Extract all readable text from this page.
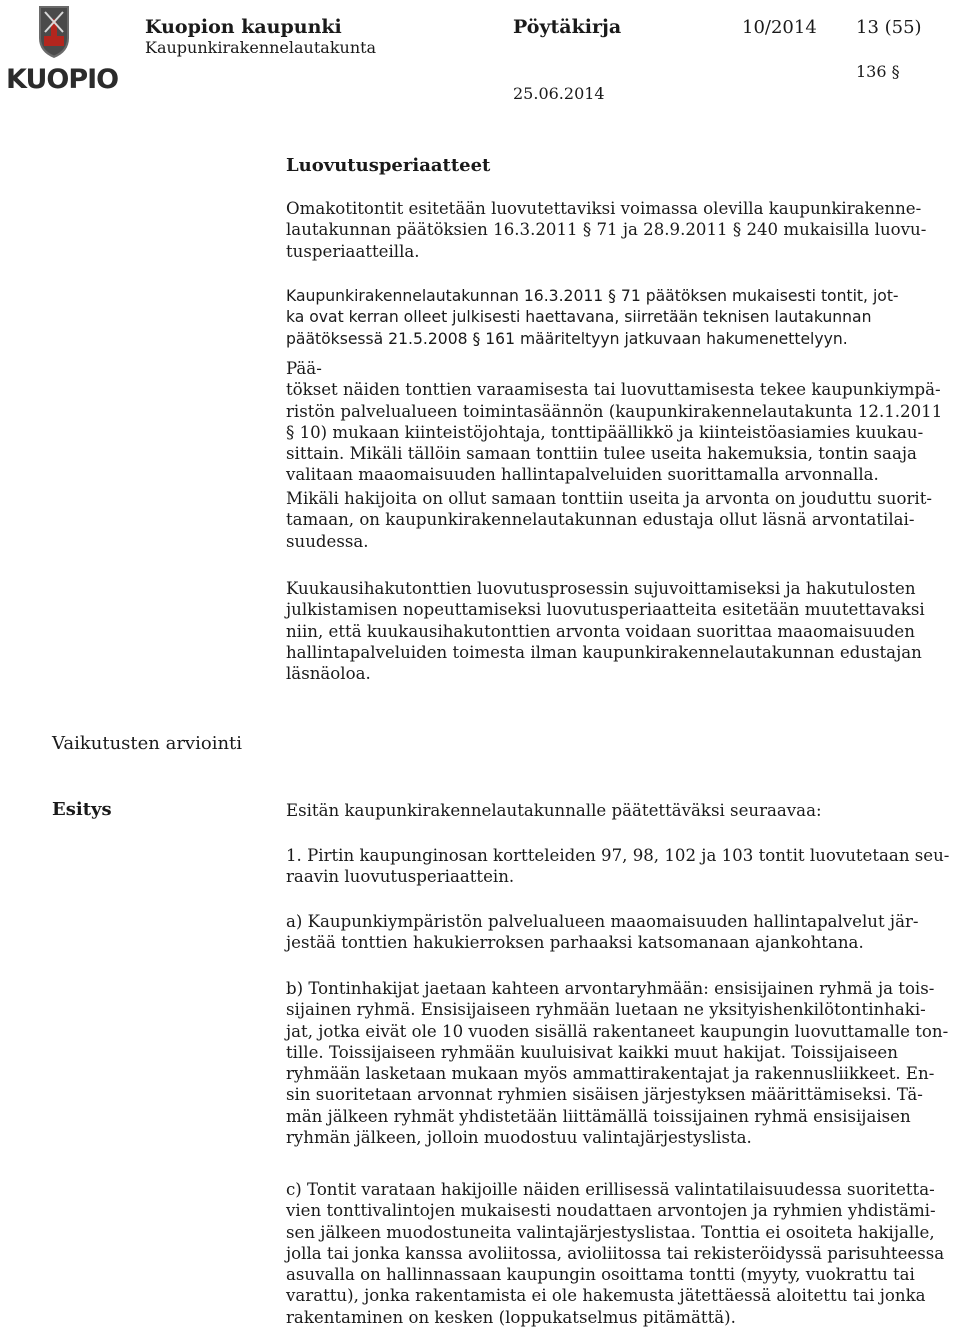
KUOPIO
Kuopion kaupunki
Kaupunkirakennelautakunta
Pöytäkirja	10/2014 13 (55)
136 §
25.06.2014
Luovutusperiaatteet

Omakotitontit esitetään luovutettaviksi voimassa olevilla kaupunkirakenne-
lautakunnan päätöksien 16.3.2011 § 71 ja 28.9.2011 § 240 mukaisilla luovu-
tusperiaatteilla.

Kaupunkirakennelautakunnan 16.3.2011 § 71 päätöksen mukaisesti tontit, jot-
ka ovat kerran olleet julkisesti haettavana, siirretään teknisen lautakunnan
päätöksessä 21.5.2008 § 161 määriteltyyn jatkuvaan hakumenettelyyn.

Pää-
tökset näiden tonttien varaamisesta tai luovuttamisesta tekee kaupunkiympä-
ristön palvelualueen toimintasäännön (kaupunkirakennelautakunta 12.1.2011
§ 10) mukaan kiinteistöjohtaja, tonttipäällikkö ja kiinteistöasiamies kuukau-
sittain. Mikäli tällöin samaan tonttiin tulee useita hakemuksia, tontin saaja
valitaan maaomaisuuden hallintapalveluiden suorittamalla arvonnalla.

Mikäli hakijoita on ollut samaan tonttiin useita ja arvonta on jouduttu suorit-
tamaan, on kaupunkirakennelautakunnan edustaja ollut läsnä arvontatilai-
suudessa.

Kuukausihakutonttien luovutusprosessin sujuvoittamiseksi ja hakutulosten
julkistamisen nopeuttamiseksi luovutusperiaatteita esitetään muutettavaksi
niin, että kuukausihakutonttien arvonta voidaan suorittaa maaomaisuuden
hallintapalveluiden toimesta ilman kaupunkirakennelautakunnan edustajan
läsnäoloa.

Vaikutusten arviointi
Esitys	Esitän kaupunkirakennelautakunnalle päätettäväksi seuraavaa:

1. Pirtin kaupunginosan kortteleiden 97, 98, 102 ja 103 tontit luovutetaan seu-
raavin luovutusperiaattein.

a) Kaupunkiympäristön palvelualueen maaomaisuuden hallintapalvelut jär-
jestää tonttien hakukierroksen parhaaksi katsomanaan ajankohtana.

b) Tontinhakijat jaetaan kahteen arvontaryhmään: ensisijainen ryhmä ja tois-
sijainen ryhmä. Ensisijaiseen ryhmään luetaan ne yksityishenkilötontinhaki-
jat, jotka eivät ole 10 vuoden sisällä rakentaneet kaupungin luovuttamalle ton-
tille. Toissijaiseen ryhmään kuuluisivat kaikki muut hakijat. Toissijaiseen
ryhmään lasketaan mukaan myös ammattirakentajat ja rakennusliikkeet. En-
sin suoritetaan arvonnat ryhmien sisäisen järjestyksen määrittämiseksi. Tä-
män jälkeen ryhmät yhdistetään liittämällä toissijainen ryhmä ensisijaisen
ryhmän jälkeen, jolloin muodostuu valintajärjestyslista.

c) Tontit varataan hakijoille näiden erillisessä valintatilaisuudessa suoritetta-
vien tonttivalintojen mukaisesti noudattaen arvontojen ja ryhmien yhdistämi-
sen jälkeen muodostuneita valintajärjestyslistaa. Tonttia ei osoiteta hakijalle,
jolla tai jonka kanssa avoliitossa, avioliitossa tai rekisteröidyssä parisuhteessa
asuvalla on hallinnassaan kaupungin osoittama tontti (myyty, vuokrattu tai
varattu), jonka rakentamista ei ole hakemusta jätettäessä aloitettu tai jonka
rakentaminen on kesken (loppukatselmus pitämättä).
